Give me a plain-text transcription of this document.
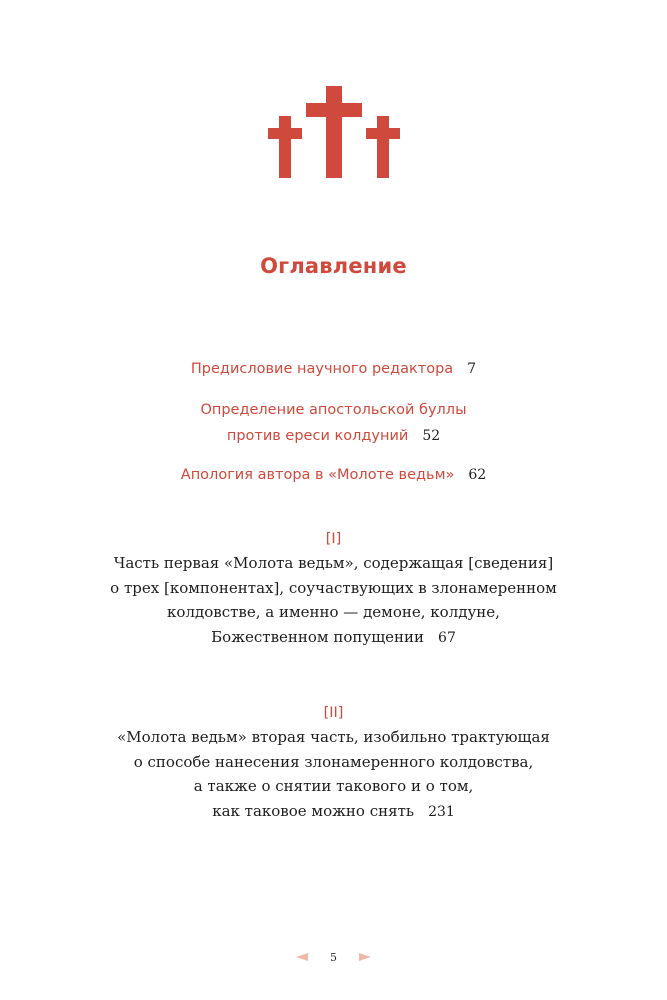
Оглавление
Предисловие научного редактора 7
Определение апостольской буллы
против ереси колдуний 52
Апология автора в «Молоте ведьм» 62
[I]
Часть первая «Молота ведьм», содержащая [сведения]
о трех [компонентах], соучаствующих в злонамеренном
колдовстве, а именно — демоне, колдуне,
Божественном попущении 67
[II]
«Молота ведьм» вторая часть, изобильно трактующая
о способе нанесения злонамеренного колдовства,
а также о снятии такового и о том,
как таковое можно снять 231
5
